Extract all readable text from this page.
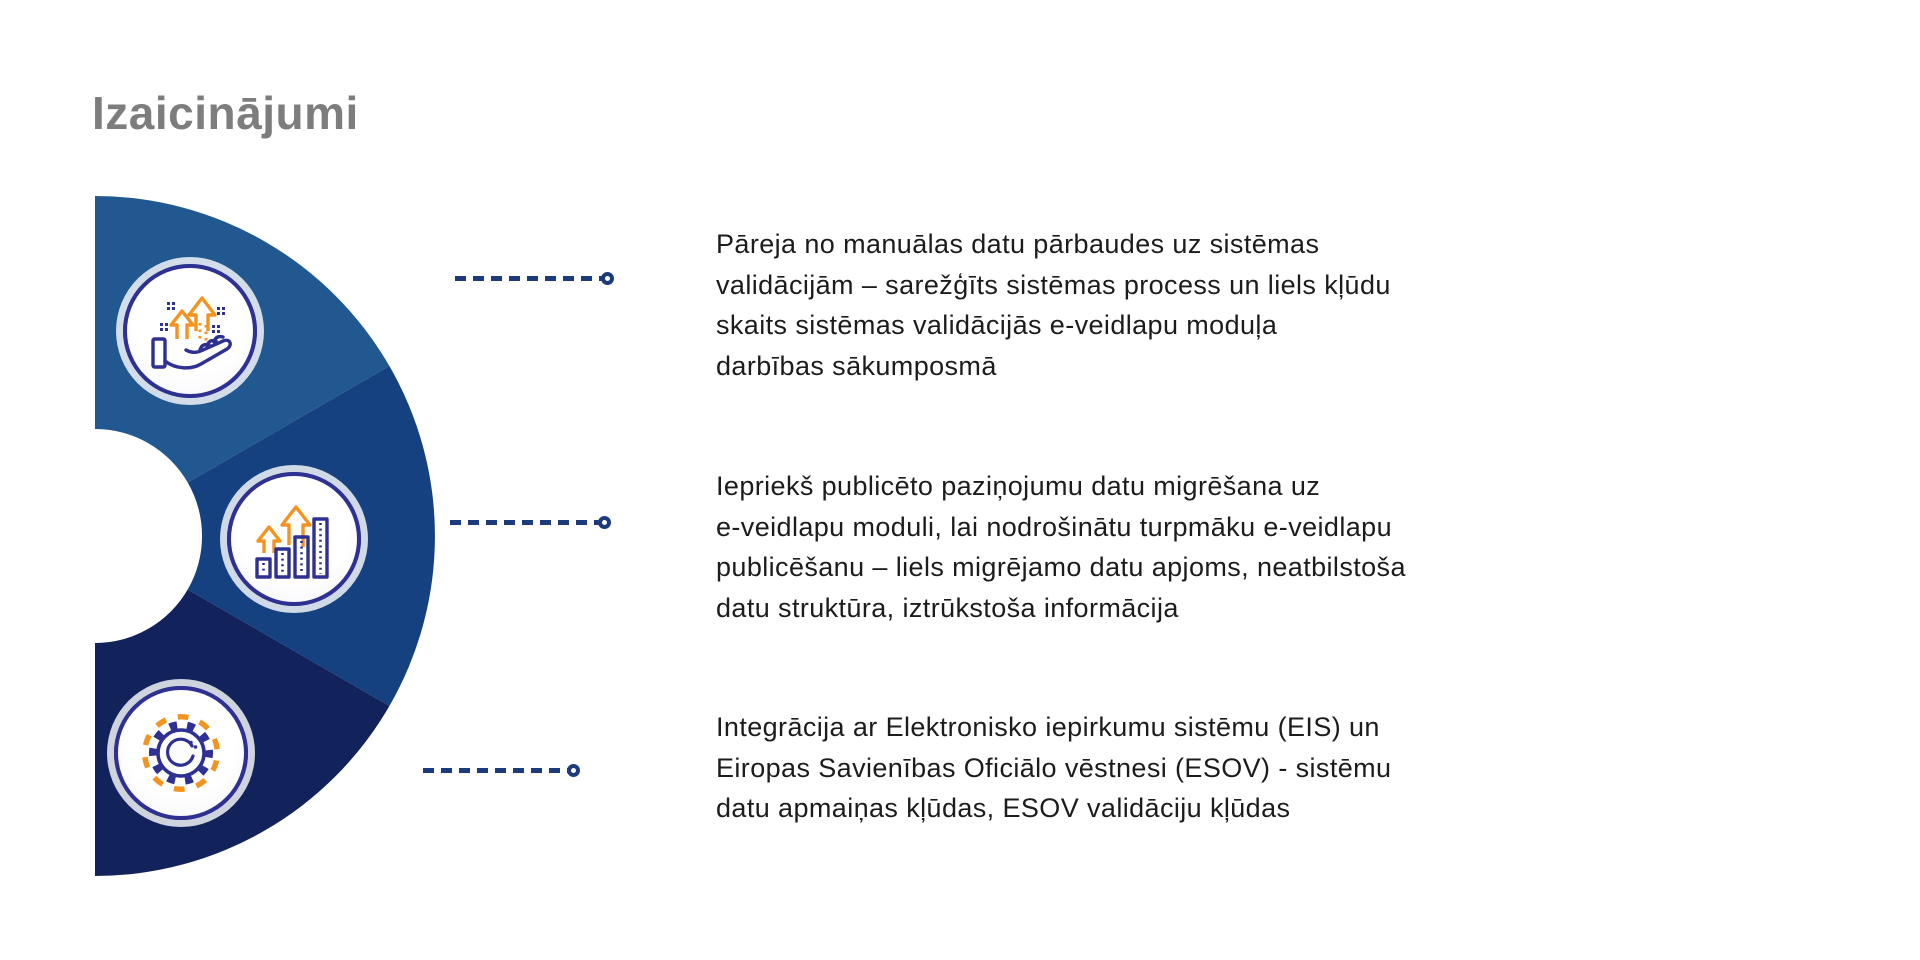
Izaicinājumi
Pāreja no manuālas datu pārbaudes uz sistēmas
validācijām – sarežģīts sistēmas process un liels kļūdu
skaits sistēmas validācijās e-veidlapu moduļa
darbības sākumposmā
Iepriekš publicēto paziņojumu datu migrēšana uz
e-veidlapu moduli, lai nodrošinātu turpmāku e-veidlapu
publicēšanu – liels migrējamo datu apjoms, neatbilstoša
datu struktūra, iztrūkstoša informācija
Integrācija ar Elektronisko iepirkumu sistēmu (EIS) un
Eiropas Savienības Oficiālo vēstnesi (ESOV) - sistēmu
datu apmaiņas kļūdas, ESOV validāciju kļūdas
